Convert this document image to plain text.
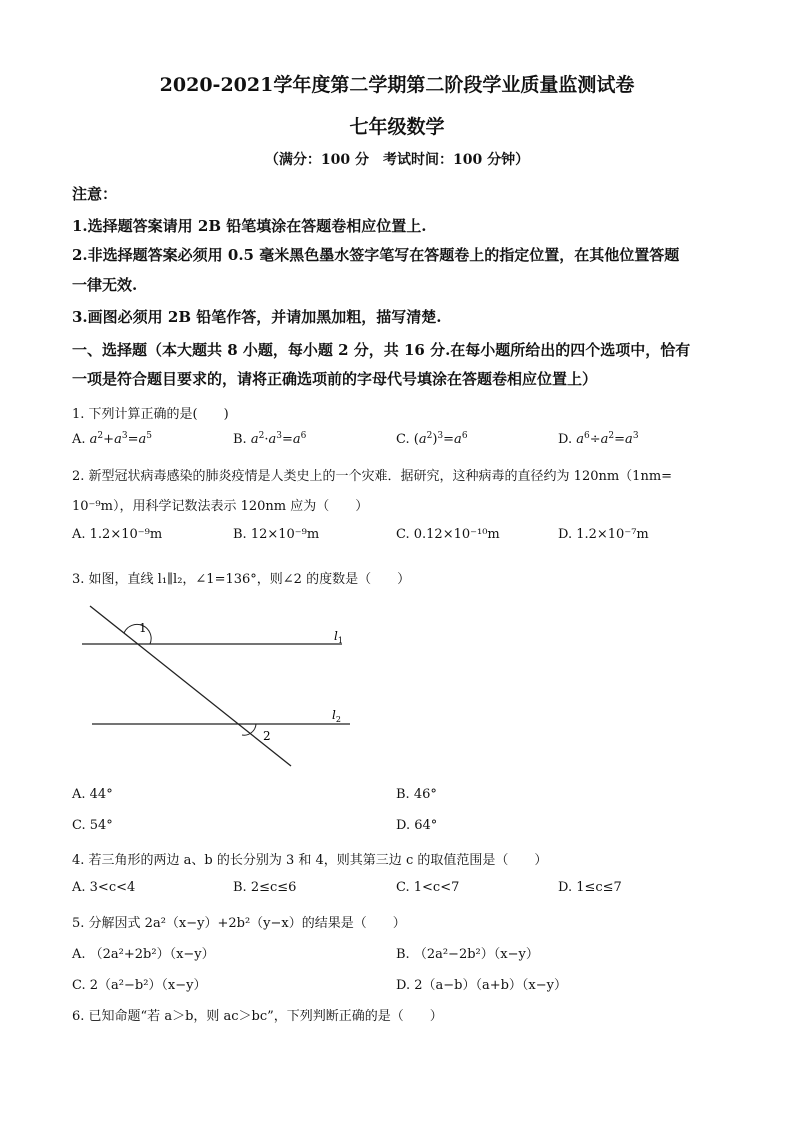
2020-2021学年度第二学期第二阶段学业质量监测试卷
七年级数学
（满分：100 分　考试时间：100 分钟）
注意：
1.选择题答案请用 2B 铅笔填涂在答题卷相应位置上.
2.非选择题答案必须用 0.5 毫米黑色墨水签字笔写在答题卷上的指定位置，在其他位置答题
一律无效.
3.画图必须用 2B 铅笔作答，并请加黑加粗，描写清楚.
一、选择题（本大题共 8 小题，每小题 2 分，共 16 分.在每小题所给出的四个选项中，恰有
一项是符合题目要求的，请将正确选项前的字母代号填涂在答题卷相应位置上）
1. 下列计算正确的是(　　)
A. $a^2+a^3=a^5$	B. $a^2\cdot a^3=a^6$	C. $(a^2)^3=a^6$	D. $a^6\div a^2=a^3$
2. 新型冠状病毒感染的肺炎疫情是人类史上的一个灾难．据研究，这种病毒的直径约为 120nm（1nm=
10⁻⁹m），用科学记数法表示 120nm 应为（　　）
A. 1.2×10⁻⁹m	B. 12×10⁻⁹m	C. 0.12×10⁻¹⁰m	D. 1.2×10⁻⁷m
3. 如图，直线 l₁∥l₂，∠1=136°，则∠2 的度数是（　　）
1
2
$l_1$
$l_2$
A. 44°	B. 46°
C. 54°	D. 64°
4. 若三角形的两边 a、b 的长分别为 3 和 4，则其第三边 c 的取值范围是（　　）
A. 3<c<4	B. 2≤c≤6	C. 1<c<7	D. 1≤c≤7
5. 分解因式 2a²（x−y）+2b²（y−x）的结果是（　　）
A. （2a²+2b²）（x−y）	B. （2a²−2b²）（x−y）
C. 2（a²−b²）（x−y）	D. 2（a−b）（a+b）（x−y）
6. 已知命题“若 a＞b，则 ac＞bc”，下列判断正确的是（　　）
